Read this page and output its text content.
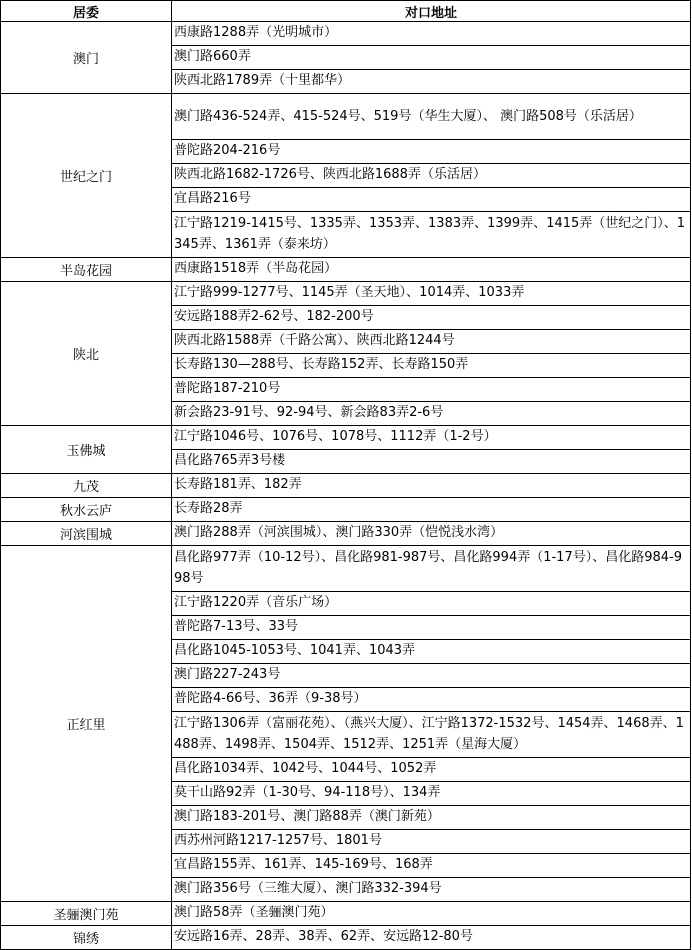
居委	对口地址
澳门	西康路1288弄（光明城市）
	澳门路660弄
	陕西北路1789弄（十里都华）
世纪之门	澳门路436-524弄、415-524号、519号（华生大厦）、 澳门路508号（乐活居）
	普陀路204-216号
	陕西北路1682-1726号、陕西北路1688弄（乐活居）
	宜昌路216号
	江宁路1219-1415号、1335弄、1353弄、1383弄、1399弄、1415弄（世纪之门）、1345弄、1361弄（泰来坊）
半岛花园	西康路1518弄（半岛花园）
陕北	江宁路999-1277号、1145弄（圣天地）、1014弄、1033弄
	安远路188弄2-62号、182-200号
	陕西北路1588弄（千路公寓）、陕西北路1244号
	长寿路130—288号、长寿路152弄、长寿路150弄
	普陀路187-210号
	新会路23-91号、92-94号、新会路83弄2-6号
玉佛城	江宁路1046号、1076号、1078号、1112弄（1-2号）
	昌化路765弄3号楼
九茂	长寿路181弄、182弄
秋水云庐	长寿路28弄
河滨围城	澳门路288弄（河滨围城）、澳门路330弄（恺悦浅水湾）
正红里	昌化路977弄（10-12号）、昌化路981-987号、昌化路994弄（1-17号）、昌化路984-998号
	江宁路1220弄（音乐广场）
	普陀路7-13号、33号
	昌化路1045-1053号、1041弄、1043弄
	澳门路227-243号
	普陀路4-66号、36弄（9-38号）
	江宁路1306弄（富丽花苑）、（燕兴大厦）、江宁路1372-1532号、1454弄、1468弄、1488弄、1498弄、1504弄、1512弄、1251弄（星海大厦）
	昌化路1034弄、1042号、1044号、1052弄
	莫干山路92弄（1-30号、94-118号）、134弄
	澳门路183-201号、澳门路88弄（澳门新苑）
	西苏州河路1217-1257号、1801号
	宜昌路155弄、161弄、145-169号、168弄
	澳门路356号（三维大厦）、澳门路332-394号
圣骊澳门苑	澳门路58弄（圣骊澳门苑）
锦绣	安远路16弄、28弄、38弄、62弄、安远路12-80号
